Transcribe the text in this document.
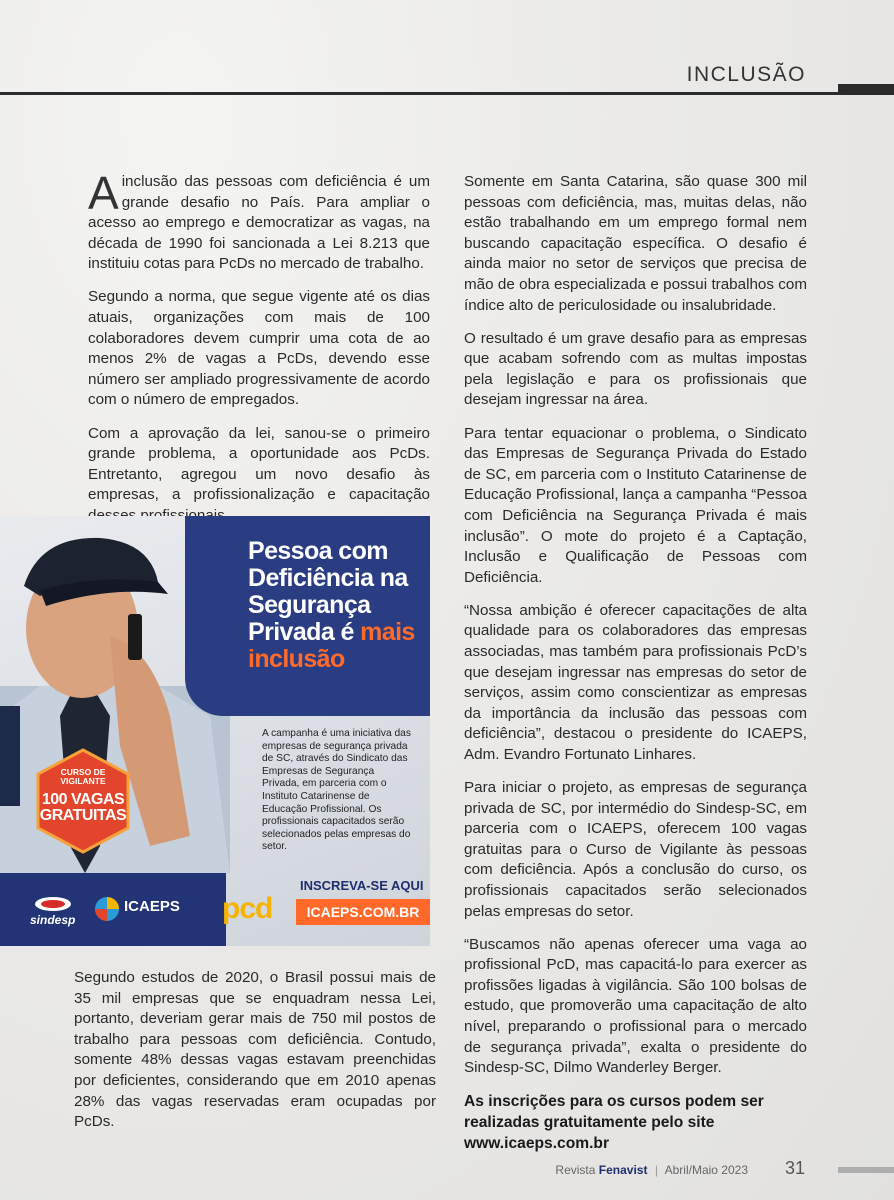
INCLUSÃO

Ainclusão das pessoas com deficiência é um grande desafio no País. Para ampliar o acesso ao emprego e democratizar as vagas, na década de 1990 foi sancionada a Lei 8.213 que instituiu cotas para PcDs no mercado de trabalho.

Segundo a norma, que segue vigente até os dias atuais, organizações com mais de 100 colaboradores devem cumprir uma cota de ao menos 2% de vagas a PcDs, devendo esse número ser ampliado progressivamente de acordo com o número de empregados.

Com a aprovação da lei, sanou-se o primeiro grande problema, a oportunidade aos PcDs. Entretanto, agregou um novo desafio às empresas, a profissionalização e capacitação

Pessoa com Deficiência na Segurança Privada é mais inclusão
A campanha é uma iniciativa das empresas de segurança privada de SC, através do Sindicato das Empresas de Segurança Privada, em parceria com o Instituto Catarinense de Educação Profissional. Os profissionais capacitados serão selecionados pelas empresas do setor.
CURSO DE VIGILANTE
100 VAGAS GRATUITAS
sindesp
ICAEPS pcd
INSCREVA-SE AQUI
ICAEPS.COM.BR

Segundo estudos de 2020, o Brasil possui mais de 35 mil empresas que se enquadram nessa Lei, portanto, deveriam gerar mais de 750 mil postos de trabalho para pessoas com deficiência. Contudo, somente 48% dessas vagas estavam preenchidas por deficientes, considerando que em 2010 apenas 28% das vagas reservadas eram ocupadas por PcDs.

Somente em Santa Catarina, são quase 300 mil pessoas com deficiência, mas, muitas delas, não estão trabalhando em um emprego formal nem buscando capacitação específica. O desafio é ainda maior no setor de serviços que precisa de mão de obra especializada e possui trabalhos com índice alto de periculosidade ou insalubridade.

O resultado é um grave desafio para as empresas que acabam sofrendo com as multas impostas pela legislação e para os profissionais que desejam ingressar na área.

Para tentar equacionar o problema, o Sindicato das Empresas de Segurança Privada do Estado de SC, em parceria com o Instituto Catarinense de Educação Profissional, lança a campanha “Pessoa com Deficiência na Segurança Privada é mais inclusão”. O mote do projeto é a Captação, Inclusão e Qualificação de Pessoas com Deficiência.

“Nossa ambição é oferecer capacitações de alta qualidade para os colaboradores das empresas associadas, mas também para profissionais PcD’s que desejam ingressar nas empresas do setor de serviços, assim como conscientizar as empresas da importância da inclusão das pessoas com deficiência”, destacou o presidente do ICAEPS, Adm. Evandro Fortunato Linhares.

Para iniciar o projeto, as empresas de segurança privada de SC, por intermédio do Sindesp-SC, em parceria com o ICAEPS, oferecem 100 vagas gratuitas para o Curso de Vigilante às pessoas com deficiência. Após a conclusão do curso, os profissionais capacitados serão selecionados pelas empresas do setor.

“Buscamos não apenas oferecer uma vaga ao profissional PcD, mas capacitá-lo para exercer as profissões ligadas à vigilância. São 100 bolsas de estudo, que promoverão uma capacitação de alto nível, preparando o profissional para o mercado de segurança privada”, exalta o presidente do Sindesp-SC, Dilmo Wanderley Berger.

As inscrições para os cursos podem ser realizadas gratuitamente pelo site www.icaeps.com.br

Revista Fenavist | Abril/Maio 2023 31
